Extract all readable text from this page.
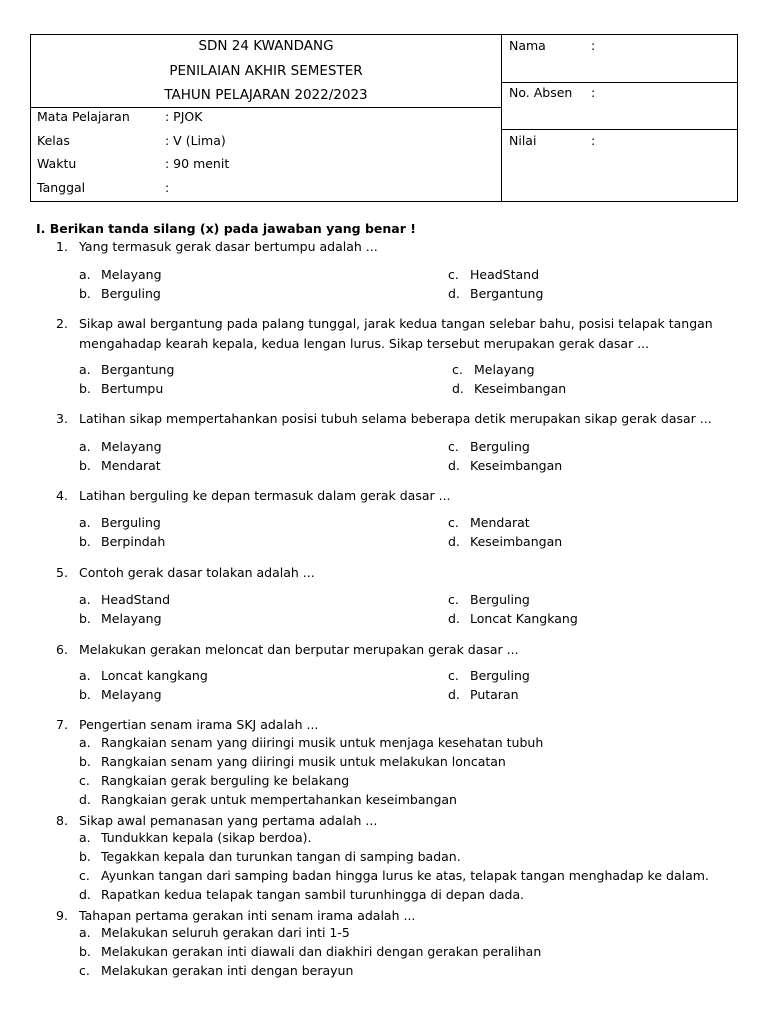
SDN 24 KWANDANG
PENILAIAN AKHIR SEMESTER
TAHUN PELAJARAN 2022/2023
Mata Pelajaran	: PJOK
Kelas	: V (Lima)
Waktu	: 90 menit
Tanggal	:
Nama	:
No. Absen :
Nilai	:
I. Berikan tanda silang (x) pada jawaban yang benar !
1. Yang termasuk gerak dasar bertumpu adalah ...
a. Melayang
b. Berguling
c. HeadStand
d. Bergantung
2. Sikap awal bergantung pada palang tunggal, jarak kedua tangan selebar bahu, posisi telapak tangan mengahadap kearah kepala, kedua lengan lurus. Sikap tersebut merupakan gerak dasar ...
a. Bergantung
b. Bertumpu
c. Melayang
d. Keseimbangan
3. Latihan sikap mempertahankan posisi tubuh selama beberapa detik merupakan sikap gerak dasar ...
a. Melayang
b. Mendarat
c. Berguling
d. Keseimbangan
4. Latihan berguling ke depan termasuk dalam gerak dasar ...
a. Berguling
b. Berpindah
c. Mendarat
d. Keseimbangan
5. Contoh gerak dasar tolakan adalah ...
a. HeadStand
b. Melayang
c. Berguling
d. Loncat Kangkang
6. Melakukan gerakan meloncat dan berputar merupakan gerak dasar ...
a. Loncat kangkang
b. Melayang
c. Berguling
d. Putaran
7. Pengertian senam irama SKJ adalah ...
a. Rangkaian senam yang diiringi musik untuk menjaga kesehatan tubuh
b. Rangkaian senam yang diiringi musik untuk melakukan loncatan
c. Rangkaian gerak berguling ke belakang
d. Rangkaian gerak untuk mempertahankan keseimbangan
8. Sikap awal pemanasan yang pertama adalah ...
a. Tundukkan kepala (sikap berdoa).
b. Tegakkan kepala dan turunkan tangan di samping badan.
c. Ayunkan tangan dari samping badan hingga lurus ke atas, telapak tangan menghadap ke dalam.
d. Rapatkan kedua telapak tangan sambil turunhingga di depan dada.
9. Tahapan pertama gerakan inti senam irama adalah ...
a. Melakukan seluruh gerakan dari inti 1-5
b. Melakukan gerakan inti diawali dan diakhiri dengan gerakan peralihan
c. Melakukan gerakan inti dengan berayun
